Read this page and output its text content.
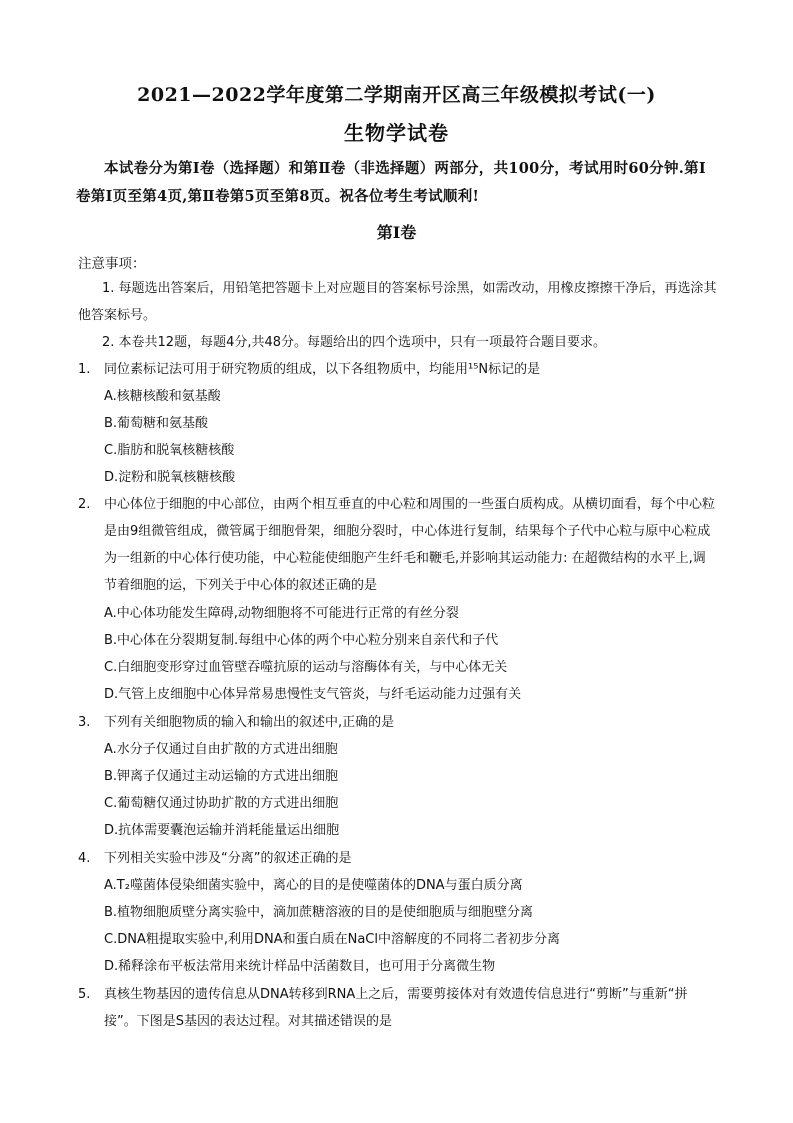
2021—2022学年度第二学期南开区高三年级模拟考试(一)
生物学试卷
本试卷分为第Ⅰ卷（选择题）和第Ⅱ卷（非选择题）两部分，共100分，考试用时60分钟.第Ⅰ卷第Ⅰ页至第4页,第Ⅱ卷第5页至第8页。祝各位考生考试顺利!
第Ⅰ卷
注意事项：
1. 每题选出答案后，用铅笔把答题卡上对应题目的答案标号涂黑，如需改动，用橡皮擦擦干净后，再选涂其他答案标号。
2. 本卷共12题，每题4分,共48分。每题给出的四个选项中，只有一项最符合题目要求。
1. 同位素标记法可用于研究物质的组成，以下各组物质中，均能用¹⁵N标记的是
A.核糖核酸和氨基酸
B.葡萄糖和氨基酸
C.脂肪和脱氧核糖核酸
D.淀粉和脱氧核糖核酸
2. 中心体位于细胞的中心部位，由两个相互垂直的中心粒和周围的一些蛋白质构成。从横切面看，每个中心粒是由9组微管组成，微管属于细胞骨架，细胞分裂时，中心体进行复制，结果每个子代中心粒与原中心粒成为一组新的中心体行使功能，中心粒能使细胞产生纤毛和鞭毛,并影响其运动能力: 在超微结构的水平上,调节着细胞的运，下列关于中心体的叙述正确的是
A.中心体功能发生障碍,动物细胞将不可能进行正常的有丝分裂
B.中心体在分裂期复制.每组中心体的两个中心粒分别来自亲代和子代
C.白细胞变形穿过血管壁吞噬抗原的运动与溶酶体有关，与中心体无关
D.气管上皮细胞中心体异常易患慢性支气管炎，与纤毛运动能力过强有关
3. 下列有关细胞物质的输入和输出的叙述中,正确的是
A.水分子仅通过自由扩散的方式进出细胞
B.钾离子仅通过主动运输的方式进出细胞
C.葡萄糖仅通过协助扩散的方式进出细胞
D.抗体需要囊泡运输并消耗能量运出细胞
4. 下列相关实验中涉及“分离”的叙述正确的是
A.T₂噬菌体侵染细菌实验中，离心的目的是使噬菌体的DNA与蛋白质分离
B.植物细胞质壁分离实验中，滴加蔗糖溶液的目的是使细胞质与细胞壁分离
C.DNA粗提取实验中,利用DNA和蛋白质在NaCl中溶解度的不同将二者初步分离
D.稀释涂布平板法常用来统计样品中活菌数目，也可用于分离微生物
5. 真核生物基因的遗传信息从DNA转移到RNA上之后，需要剪接体对有效遗传信息进行“剪断”与重新“拼接”。下图是S基因的表达过程。对其描述错误的是
